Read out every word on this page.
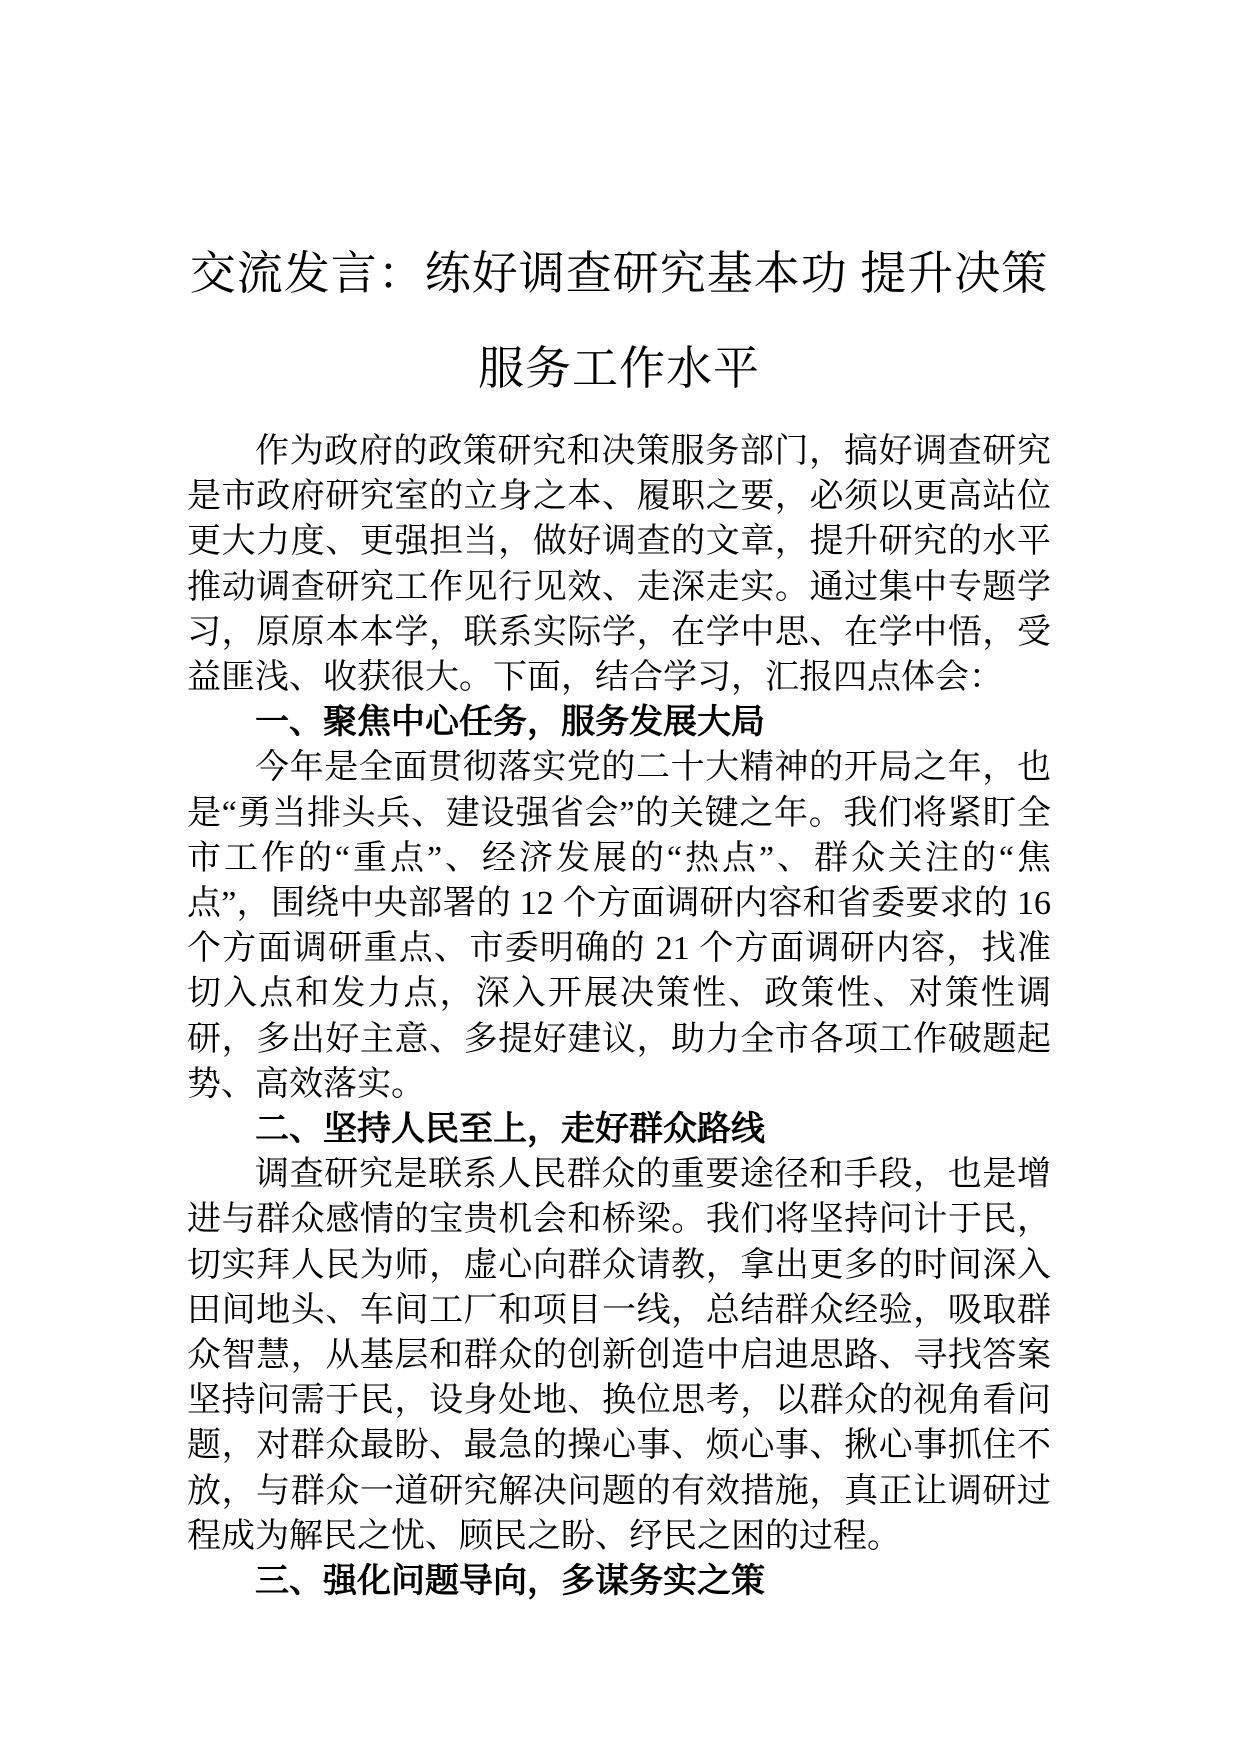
交流发言：练好调查研究基本功 提升决策
服务工作水平

作为政府的政策研究和决策服务部门，搞好调查研究是市政府研究室的立身之本、履职之要，必须以更高站位更大力度、更强担当，做好调查的文章，提升研究的水平推动调查研究工作见行见效、走深走实。通过集中专题学习，原原本本学，联系实际学，在学中思、在学中悟，受益匪浅、收获很大。下面，结合学习，汇报四点体会：

一、聚焦中心任务，服务发展大局

今年是全面贯彻落实党的二十大精神的开局之年，也是“勇当排头兵、建设强省会”的关键之年。我们将紧盯全市工作的“重点”、经济发展的“热点”、群众关注的“焦点”，围绕中央部署的 12 个方面调研内容和省委要求的 16 个方面调研重点、市委明确的 21 个方面调研内容，找准切入点和发力点，深入开展决策性、政策性、对策性调研，多出好主意、多提好建议，助力全市各项工作破题起势、高效落实。

二、坚持人民至上，走好群众路线

调查研究是联系人民群众的重要途径和手段，也是增进与群众感情的宝贵机会和桥梁。我们将坚持问计于民，切实拜人民为师，虚心向群众请教，拿出更多的时间深入田间地头、车间工厂和项目一线，总结群众经验，吸取群众智慧，从基层和群众的创新创造中启迪思路、寻找答案坚持问需于民，设身处地、换位思考，以群众的视角看问题，对群众最盼、最急的操心事、烦心事、揪心事抓住不放，与群众一道研究解决问题的有效措施，真正让调研过程成为解民之忧、顾民之盼、纾民之困的过程。

三、强化问题导向，多谋务实之策
